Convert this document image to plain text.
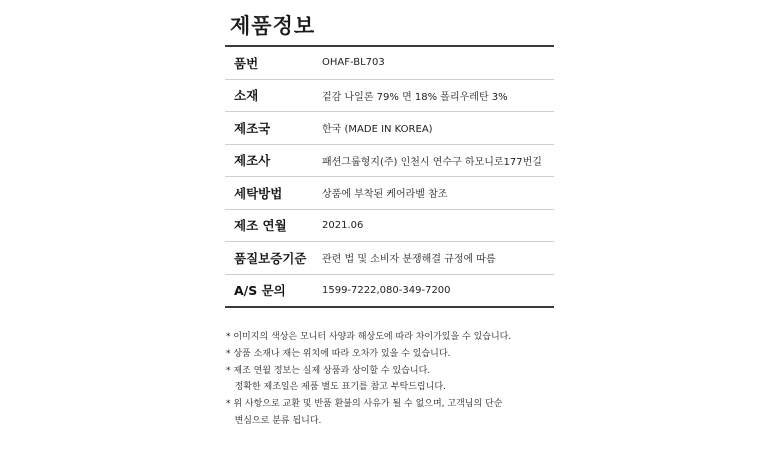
제품정보
품번	OHAF-BL703
소재	겉감 나일론 79% 면 18% 폴리우레탄 3%
제조국	한국 (MADE IN KOREA)
제조사	패션그룹형지(주) 인천시 연수구 하모니로177번길
세탁방법	상품에 부착된 케어라벨 참조
제조 연월	2021.06
품질보증기준	관련 법 및 소비자 분쟁해결 규정에 따름
A/S 문의	1599-7222,080-349-7200
* 이미지의 색상은 모니터 사양과 해상도에 따라 차이가있을 수 있습니다.
* 상품 소재나 재는 위치에 따라 오차가 있을 수 있습니다.
* 제조 연월 정보는 실제 상품과 상이할 수 있습니다.
정확한 제조일은 제품 별도 표기를 참고 부탁드립니다.
* 위 사항으로 교환 및 반품 환불의 사유가 될 수 없으며, 고객님의 단순
변심으로 분류 됩니다.
